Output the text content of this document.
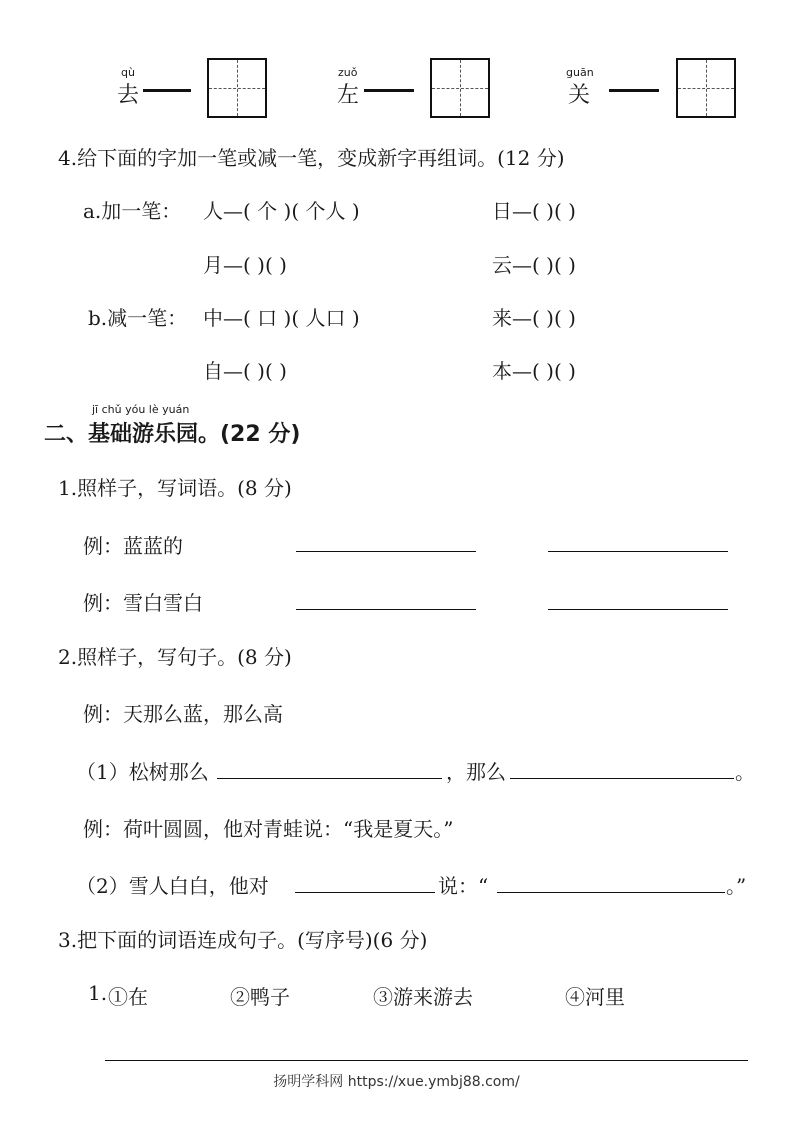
qù
去
zuǒ
左
guān
关
4.给下面的字加一笔或减一笔，变成新字再组词。(12 分)
a.加一笔： 人—( 个 )( 个人 )	日—( )( )
月—( )( )	云—( )( )
b.减一笔： 中—( 口 )( 人口 )	来—( )( )
自—( )( )	本—( )( )
jī chǔ yóu lè yuán
二、基础游乐园。(22 分)
1.照样子，写词语。(8 分)
例：蓝蓝的
例：雪白雪白
2.照样子，写句子。(8 分)
例：天那么蓝，那么高
（1）松树那么	，那么	。
例：荷叶圆圆，他对青蛙说：“我是夏天。”
（2）雪人白白，他对	说：“	。”
3.把下面的词语连成句子。(写序号)(6 分)
1. ①在	②鸭子	③游来游去	④河里
扬明学科网 https://xue.ymbj88.com/
